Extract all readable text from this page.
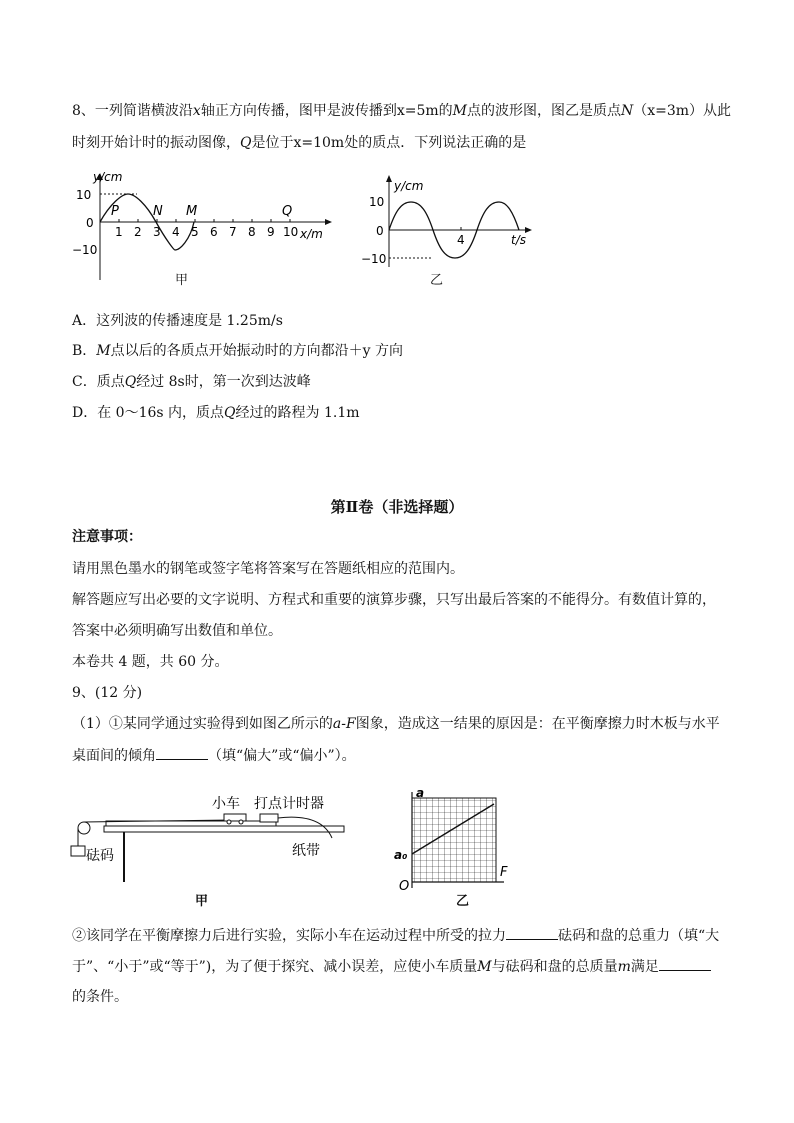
8、一列简谐横波沿x轴正方向传播，图甲是波传播到x=5m的M点的波形图，图乙是质点N（x=3m）从此
时刻开始计时的振动图像，Q是位于x=10m处的质点．下列说法正确的是
y/cm
x/m
10
0
−10
1 2 3 4 5 6 7 8 9 10
P	N M	Q
甲
y/cm
t/s
10
0
−10
4
乙
A．这列波的传播速度是 1.25m/s
B．M点以后的各质点开始振动时的方向都沿＋y 方向
C．质点Q经过 8s时，第一次到达波峰
D．在 0～16s 内，质点Q经过的路程为 1.1m
第Ⅱ卷（非选择题）
注意事项：
请用黑色墨水的钢笔或签字笔将答案写在答题纸相应的范围内。
解答题应写出必要的文字说明、方程式和重要的演算步骤，只写出最后答案的不能得分。有数值计算的，
答案中必须明确写出数值和单位。
本卷共 4 题，共 60 分。
9、(12 分)
（1）①某同学通过实验得到如图乙所示的a-F图象，造成这一结果的原因是：在平衡摩擦力时木板与水平
桌面间的倾角	（填“偏大”或“偏小”）。
小车 打点计时器
砝码	纸带
甲
a
a₀
O
F
乙
②该同学在平衡摩擦力后进行实验，实际小车在运动过程中所受的拉力	砝码和盘的总重力（填“大
于”、“小于”或“等于”)，为了便于探究、减小误差，应使小车质量M与砝码和盘的总质量m满足
的条件。
